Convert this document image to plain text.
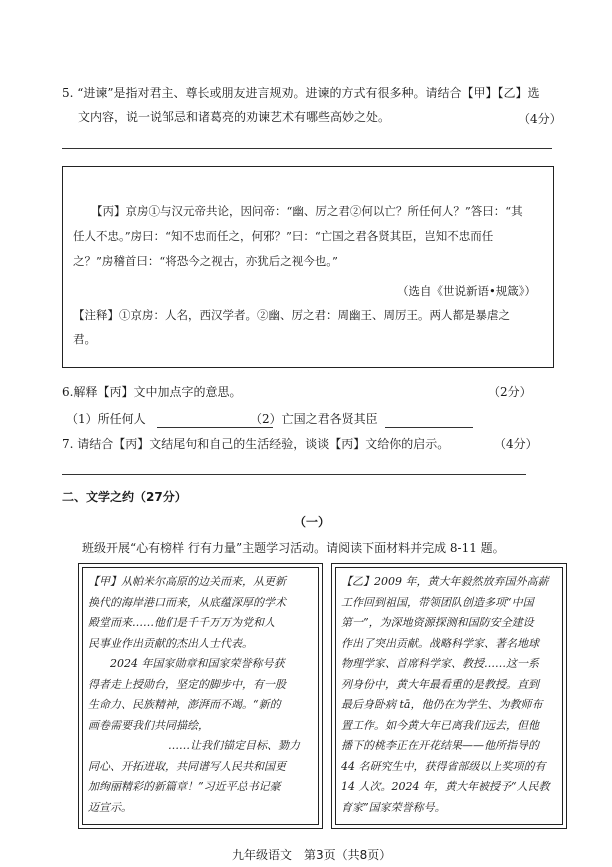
5. “进谏”是指对君主、尊长或朋友进言规劝。进谏的方式有很多种。请结合【甲】【乙】选
文内容，说一说邹忌和诸葛亮的劝谏艺术有哪些高妙之处。	（4分）
【丙】京房①与汉元帝共论，因问帝：“幽、厉之君②何以亡？所任何人？”答曰：“其
任人不忠。”房曰：“知不忠而任之，何邪？”曰：“亡国之君各贤其臣，岂知不忠而任
之？”房稽首曰：“将恐今之视古，亦犹后之视今也。”
（选自《世说新语•规箴》）
【注释】①京房：人名，西汉学者。②幽、厉之君：周幽王、周厉王。两人都是暴虐之
君。
6.解释【丙】文中加点字的意思。	（2分）
（1）所任何人	（2）亡国之君各贤其臣
7. 请结合【丙】文结尾句和自己的生活经验，谈谈【丙】文给你的启示。	（4分）
二、文学之约（27分）
（一）
班级开展“心有榜样 行有力量”主题学习活动。请阅读下面材料并完成 8-11 题。
【甲】从帕米尔高原的边关而来，从更新
换代的海岸港口而来，从底蕴深厚的学术
殿堂而来……他们是千千万万为党和人
民事业作出贡献的杰出人士代表。
　　2024 年国家勋章和国家荣誉称号获
得者走上授勋台，坚定的脚步中，有一股
生命力、民族精神，澎湃而不竭。“新的
画卷需要我们共同描绘，
……让我们锚定目标、勠力
同心、开拓进取，共同谱写人民共和国更
加绚丽精彩的新篇章！”习近平总书记豪
迈宣示。
【乙】2009 年，黄大年毅然放弃国外高薪
工作回到祖国，带领团队创造多项“中国
第一”，为深地资源探测和国防安全建设
作出了突出贡献。战略科学家、著名地球
物理学家、首席科学家、教授……这一系
列身份中，黄大年最看重的是教授。直到
最后身卧病 tā，他仍在为学生、为教师布
置工作。如今黄大年已离我们远去，但他
播下的桃李正在开花结果——他所指导的
44 名研究生中，获得省部级以上奖项的有
14 人次。2024 年，黄大年被授予“人民教
育家”国家荣誉称号。
九年级语文　第3页（共8页）
